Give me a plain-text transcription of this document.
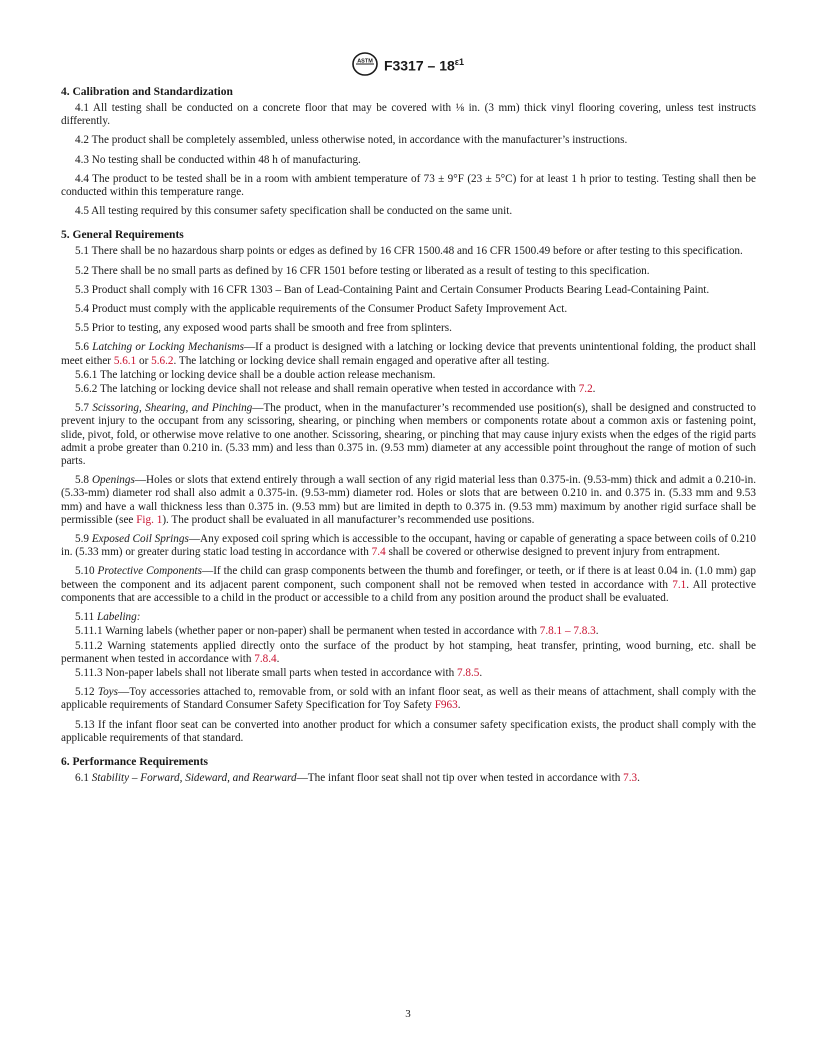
ASTM $F3317 - 18^{\varepsilon 1}$
4. Calibration and Standardization

4.1 All testing shall be conducted on a concrete floor that may be covered with ⅛ in. (3 mm) thick vinyl flooring covering, unless test instructs differently.

4.2 The product shall be completely assembled, unless otherwise noted, in accordance with the manufacturer’s instructions.

4.3 No testing shall be conducted within 48 h of manufacturing.

4.4 The product to be tested shall be in a room with ambient temperature of 73 ± 9°F (23 ± 5°C) for at least 1 h prior to testing. Testing shall then be conducted within this temperature range.

4.5 All testing required by this consumer safety specification shall be conducted on the same unit.

5. General Requirements

5.1 There shall be no hazardous sharp points or edges as defined by 16 CFR 1500.48 and 16 CFR 1500.49 before or after testing to this specification.

5.2 There shall be no small parts as defined by 16 CFR 1501 before testing or liberated as a result of testing to this specification.

5.3 Product shall comply with 16 CFR 1303 – Ban of Lead-Containing Paint and Certain Consumer Products Bearing Lead-Containing Paint.

5.4 Product must comply with the applicable requirements of the Consumer Product Safety Improvement Act.

5.5 Prior to testing, any exposed wood parts shall be smooth and free from splinters.

5.6 Latching or Locking Mechanisms—If a product is designed with a latching or locking device that prevents unintentional folding, the product shall meet either 5.6.1 or 5.6.2. The latching or locking device shall remain engaged and operative after all testing.

5.6.1 The latching or locking device shall be a double action release mechanism.

5.6.2 The latching or locking device shall not release and shall remain operative when tested in accordance with 7.2.

5.7 Scissoring, Shearing, and Pinching—The product, when in the manufacturer’s recommended use position(s), shall be designed and constructed to prevent injury to the occupant from any scissoring, shearing, or pinching when members or components rotate about a common axis or fastening point, slide, pivot, fold, or otherwise move relative to one another. Scissoring, shearing, or pinching that may cause injury exists when the edges of the rigid parts admit a probe greater than 0.210 in. (5.33 mm) and less than 0.375 in. (9.53 mm) diameter at any accessible point throughout the range of motion of such parts.

5.8 Openings—Holes or slots that extend entirely through a wall section of any rigid material less than 0.375-in. (9.53-mm) thick and admit a 0.210-in. (5.33-mm) diameter rod shall also admit a 0.375-in. (9.53-mm) diameter rod. Holes or slots that are between 0.210 in. and 0.375 in. (5.33 mm and 9.53 mm) and have a wall thickness less than 0.375 in. (9.53 mm) but are limited in depth to 0.375 in. (9.53 mm) maximum by another rigid surface shall be permissible (see Fig. 1). The product shall be evaluated in all manufacturer’s recommended use positions.

5.9 Exposed Coil Springs—Any exposed coil spring which is accessible to the occupant, having or capable of generating a space between coils of 0.210 in. (5.33 mm) or greater during static load testing in accordance with 7.4 shall be covered or otherwise designed to prevent injury from entrapment.

5.10 Protective Components—If the child can grasp components between the thumb and forefinger, or teeth, or if there is at least 0.04 in. (1.0 mm) gap between the component and its adjacent parent component, such component shall not be removed when tested in accordance with 7.1. All protective components that are accessible to a child in the product or accessible to a child from any position around the product shall be evaluated.

5.11 Labeling:

5.11.1 Warning labels (whether paper or non-paper) shall be permanent when tested in accordance with 7.8.1 – 7.8.3.

5.11.2 Warning statements applied directly onto the surface of the product by hot stamping, heat transfer, printing, wood burning, etc. shall be permanent when tested in accordance with 7.8.4.

5.11.3 Non-paper labels shall not liberate small parts when tested in accordance with 7.8.5.

5.12 Toys—Toy accessories attached to, removable from, or sold with an infant floor seat, as well as their means of attachment, shall comply with the applicable requirements of Standard Consumer Safety Specification for Toy Safety F963.

5.13 If the infant floor seat can be converted into another product for which a consumer safety specification exists, the product shall comply with the applicable requirements of that standard.

6. Performance Requirements

6.1 Stability – Forward, Sideward, and Rearward—The infant floor seat shall not tip over when tested in accordance with 7.3.

3
